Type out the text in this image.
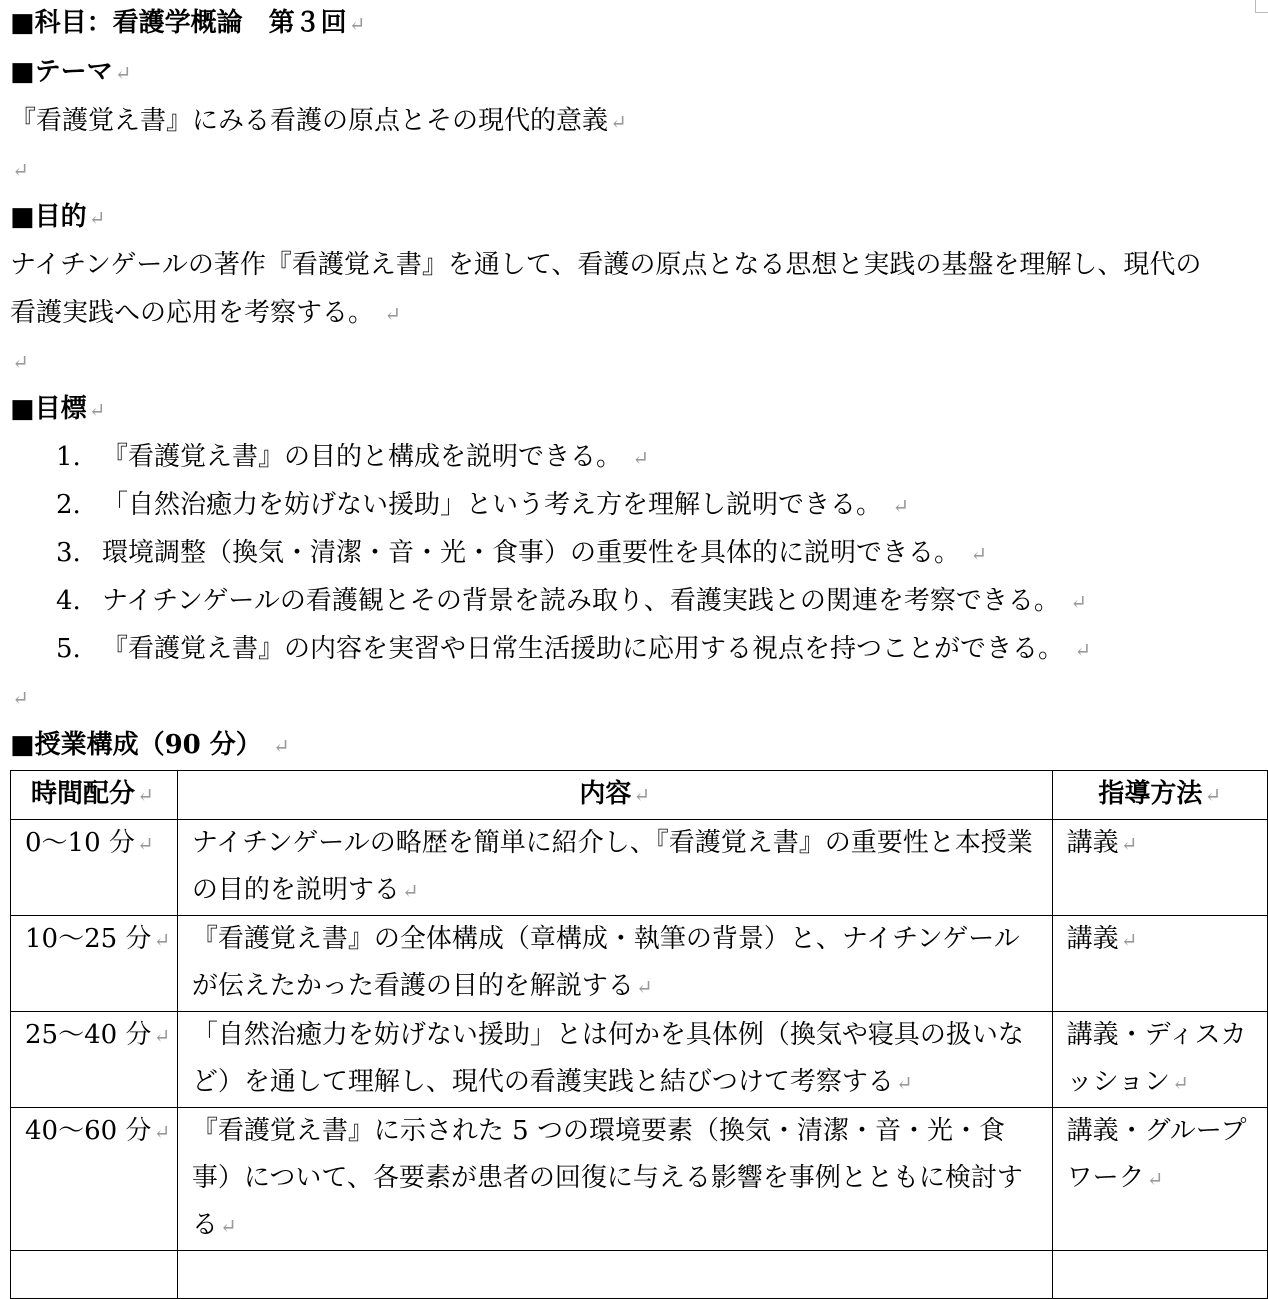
■科目：看護学概論　第３回 ↵
■テーマ ↵
『看護覚え書』にみる看護の原点とその現代的意義 ↵
↵
■目的 ↵
ナイチンゲールの著作『看護覚え書』を通して、看護の原点となる思想と実践の基盤を理解し、現代の
看護実践への応用を考察する。 ↵
↵
■目標 ↵
1. 『看護覚え書』の目的と構成を説明できる。 ↵
2. 「自然治癒力を妨げない援助」という考え方を理解し説明できる。 ↵
3. 環境調整（換気・清潔・音・光・食事）の重要性を具体的に説明できる。 ↵
4. ナイチンゲールの看護観とその背景を読み取り、看護実践との関連を考察できる。 ↵
5. 『看護覚え書』の内容を実習や日常生活援助に応用する視点を持つことができる。 ↵
↵
■授業構成（90 分） ↵
時間配分 ↵	内容 ↵	指導方法 ↵
0〜10 分 ↵	ナイチンゲールの略歴を簡単に紹介し、『看護覚え書』の重要性と本授業の目的を説明する ↵	講義 ↵
10〜25 分 ↵	『看護覚え書』の全体構成（章構成・執筆の背景）と、ナイチンゲールが伝えたかった看護の目的を解説する ↵	講義 ↵
25〜40 分 ↵	「自然治癒力を妨げない援助」とは何かを具体例（換気や寝具の扱いなど）を通して理解し、現代の看護実践と結びつけて考察する ↵	講義・ディスカッション ↵
40〜60 分 ↵	『看護覚え書』に示された 5 つの環境要素（換気・清潔・音・光・食事）について、各要素が患者の回復に与える影響を事例とともに検討する ↵	講義・グループワーク ↵
